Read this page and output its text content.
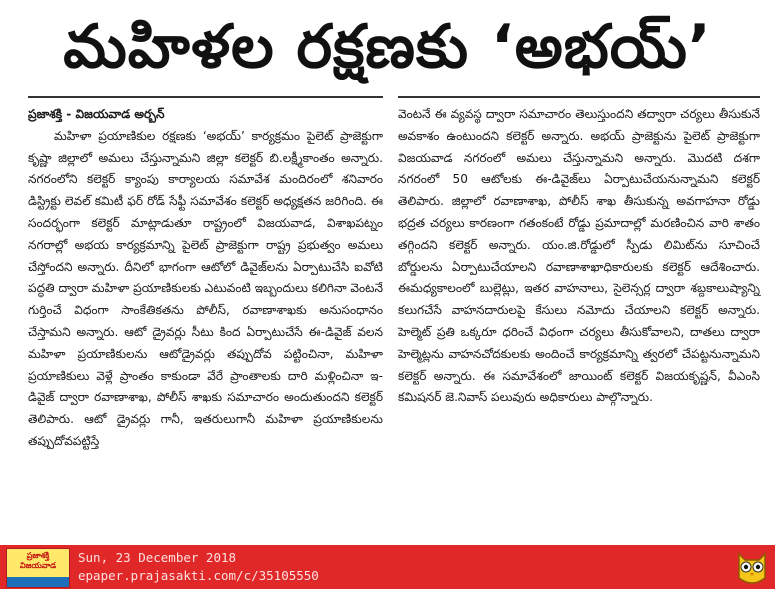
మహిళల రక్షణకు ‘అభయ్‌’

ప్రజాశక్తి - విజయవాడ అర్బన్‌

మహిళా ప్రయాణికుల రక్షణకు ‘అభయ్‌’ కార్యక్రమం పైలెట్‌ ప్రాజెక్టుగా కృష్ణా జిల్లాలో అమలు చేస్తున్నామని జిల్లా కలెక్టర్‌ బి.లక్ష్మీకాంతం అన్నారు. నగరంలోని కలెక్టర్‌ క్యాంపు కార్యాలయ సమావేశ మందిరంలో శనివారం డిస్ట్రిక్టు లెవల్‌ కమిటీ ఫర్‌ రోడ్‌ సేఫ్టీ సమావేశం కలెక్టర్‌ అధ్యక్షతన జరిగింది. ఈ సందర్భంగా కలెక్టర్‌ మాట్లాడుతూ రాష్ట్రంలో విజయవాడ, విశాఖపట్నం నగరాల్లో అభయ కార్యక్రమాన్ని పైలెట్‌ ప్రాజెక్టుగా రాష్ట్ర ప్రభుత్వం అమలు చేస్తోందని అన్నారు. దీనిలో భాగంగా ఆటోలో డివైజ్‌లను ఏర్పాటుచేసి ఐవోటి పద్ధతి ద్వారా మహిళా ప్రయాణికులకు ఎటువంటి ఇబ్బందులు కలిగినా వెంటనే గుర్తించే విధంగా సాంకేతికతను పోలీస్‌, రవాణాశాఖకు అనుసంధానం చేస్తామని అన్నారు. ఆటో డ్రైవర్లు సీటు కింద ఏర్పాటుచేసే ఈ-డివైజ్‌ వలన మహిళా ప్రయాణికులను ఆటోడ్రైవర్లు తప్పుదోవ పట్టించినా, మహిళా ప్రయాణికులు వెళ్లే ప్రాంతం కాకుండా వేరే ప్రాంతాలకు దారి మళ్లించినా ఇ-డివైజ్‌ ద్వారా రవాణాశాఖ, పోలీస్‌ శాఖకు సమాచారం అందుతుందని కలెక్టర్‌ తెలిపారు. ఆటో డ్రైవర్లు గానీ, ఇతరులుగానీ మహిళా ప్రయాణికులను తప్పుదోవపట్టిస్తే

వెంటనే ఈ వ్యవస్థ ద్వారా సమాచారం తెలుస్తుందని తద్వారా చర్యలు తీసుకునే అవకాశం ఉంటుందని కలెక్టర్‌ అన్నారు. అభయ్‌ ప్రాజెక్టును పైలెట్‌ ప్రాజెక్టుగా విజయవాడ నగరంలో అమలు చేస్తున్నామని అన్నారు. మొదటి దశగా నగరంలో 50 ఆటోలకు ఈ-డివైజ్‌లు ఏర్పాటుచేయనున్నామని కలెక్టర్‌ తెలిపారు. జిల్లాలో రవాణాశాఖ, పోలీస్‌ శాఖ తీసుకున్న అవగాహనా రోడ్డు భద్రత చర్యలు కారణంగా గతంకంటే రోడ్డు ప్రమాదాల్లో మరణించిన వారి శాతం తగ్గిందని కలెక్టర్‌ అన్నారు. యం.జి.రోడ్డులో స్పీడు లిమిట్‌ను సూచించే బోర్డులను ఏర్పాటుచేయాలని రవాణాశాఖాధికారులకు కలెక్టర్‌ ఆదేశించారు. ఈమధ్యకాలంలో బుల్లెట్లు, ఇతర వాహనాలు, సైలెన్సర్ల ద్వారా శబ్దకాలుష్యాన్ని కలుగచేసే వాహనదారులపై కేసులు నమోదు చేయాలని కలెక్టర్‌ అన్నారు. హెల్మెట్‌ ప్రతి ఒక్కరూ ధరించే విధంగా చర్యలు తీసుకోవాలని, దాతలు ద్వారా హెల్మెట్లను వాహనచోదకులకు అందించే కార్యక్రమాన్ని త్వరలో చేపట్టనున్నామని కలెక్టర్‌ అన్నారు. ఈ సమావేశంలో జాయింట్‌ కలెక్టర్‌ విజయకృష్ణన్‌, వీఎంసి కమిషనర్‌ జె.నివాస్‌ పలువురు అధికారులు పాల్గొన్నారు.

ప్రజాశక్తి విజయవాడ
Sun, 23 December 2018
epaper.prajasakti.com/c/35105550
